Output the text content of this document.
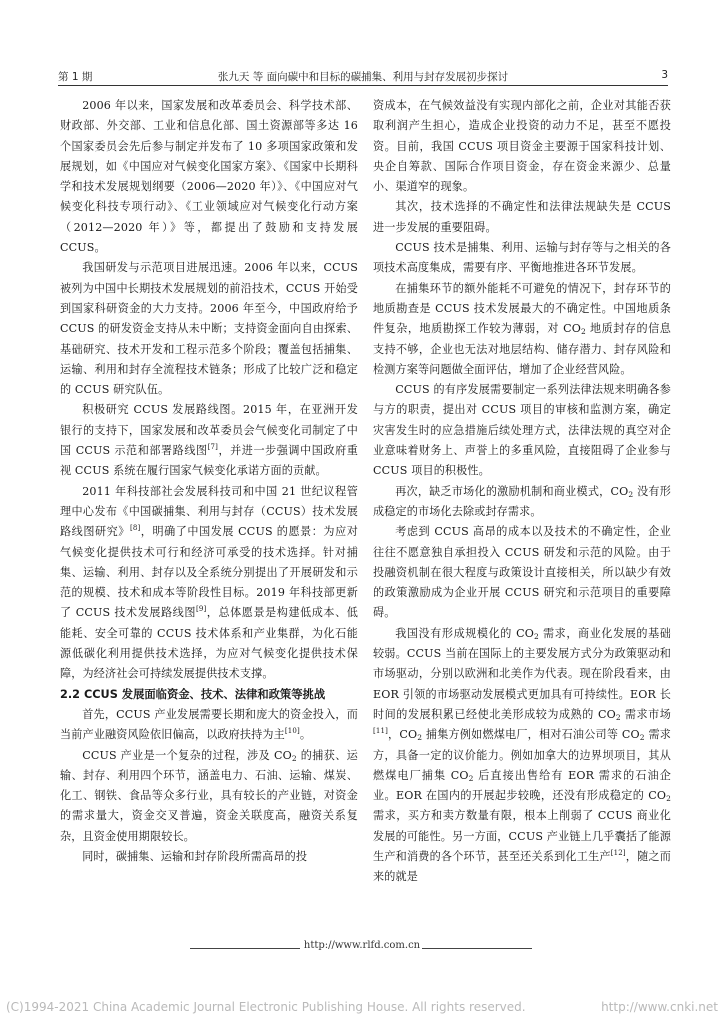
第 1 期	张九天 等 面向碳中和目标的碳捕集、利用与封存发展初步探讨	3

2006 年以来，国家发展和改革委员会、科学技术部、财政部、外交部、工业和信息化部、国土资源部等多达 16 个国家委员会先后参与制定并发布了 10 多项国家政策和发展规划，如《中国应对气候变化国家方案》、《国家中长期科学和技术发展规划纲要（2006—2020 年）》、《中国应对气候变化科技专项行动》、《工业领域应对气候变化行动方案（2012—2020 年）》等，都提出了鼓励和支持发展 CCUS。

我国研发与示范项目进展迅速。2006 年以来，CCUS 被列为中国中长期技术发展规划的前沿技术，CCUS 开始受到国家科研资金的大力支持。2006 年至今，中国政府给予 CCUS 的研发资金支持从未中断；支持资金面向自由探索、基础研究、技术开发和工程示范多个阶段；覆盖包括捕集、运输、利用和封存全流程技术链条；形成了比较广泛和稳定的 CCUS 研究队伍。

积极研究 CCUS 发展路线图。2015 年，在亚洲开发银行的支持下，国家发展和改革委员会气候变化司制定了中国 CCUS 示范和部署路线图[7]，并进一步强调中国政府重视 CCUS 系统在履行国家气候变化承诺方面的贡献。

2011 年科技部社会发展科技司和中国 21 世纪议程管理中心发布《中国碳捕集、利用与封存（CCUS）技术发展路线图研究》[8]，明确了中国发展 CCUS 的愿景：为应对气候变化提供技术可行和经济可承受的技术选择。针对捕集、运输、利用、封存以及全系统分别提出了开展研发和示范的规模、技术和成本等阶段性目标。2019 年科技部更新了 CCUS 技术发展路线图[9]，总体愿景是构建低成本、低能耗、安全可靠的 CCUS 技术体系和产业集群，为化石能源低碳化利用提供技术选择，为应对气候变化提供技术保障，为经济社会可持续发展提供技术支撑。

2.2 CCUS 发展面临资金、技术、法律和政策等挑战

首先，CCUS 产业发展需要长期和庞大的资金投入，而当前产业融资风险依旧偏高，以政府扶持为主[10]。

CCUS 产业是一个复杂的过程，涉及 $CO_2$ 的捕获、运输、封存、利用四个环节，涵盖电力、石油、运输、煤炭、化工、钢铁、食品等众多行业，具有较长的产业链，对资金的需求量大，资金交叉普遍，资金关联度高，融资关系复杂，且资金使用期限较长。

同时，碳捕集、运输和封存阶段所需高昂的投

资成本，在气候效益没有实现内部化之前，企业对其能否获取利润产生担心，造成企业投资的动力不足，甚至不愿投资。目前，我国 CCUS 项目资金主要源于国家科技计划、央企自筹款、国际合作项目资金，存在资金来源少、总量小、渠道窄的现象。

其次，技术选择的不确定性和法律法规缺失是 CCUS 进一步发展的重要阻碍。

CCUS 技术是捕集、利用、运输与封存等与之相关的各项技术高度集成，需要有序、平衡地推进各环节发展。

在捕集环节的额外能耗不可避免的情况下，封存环节的地质勘查是 CCUS 技术发展最大的不确定性。中国地质条件复杂，地质勘探工作较为薄弱，对 $CO_2$ 地质封存的信息支持不够，企业也无法对地层结构、储存潜力、封存风险和检测方案等问题做全面评估，增加了企业经营风险。

CCUS 的有序发展需要制定一系列法律法规来明确各参与方的职责，提出对 CCUS 项目的审核和监测方案，确定灾害发生时的应急措施后续处理方式，法律法规的真空对企业意味着财务上、声誉上的多重风险，直接阻碍了企业参与 CCUS 项目的积极性。

再次，缺乏市场化的激励机制和商业模式，$CO_2$ 没有形成稳定的市场化去除或封存需求。

考虑到 CCUS 高昂的成本以及技术的不确定性，企业往往不愿意独自承担投入 CCUS 研发和示范的风险。由于投融资机制在很大程度与政策设计直接相关，所以缺少有效的政策激励成为企业开展 CCUS 研究和示范项目的重要障碍。

我国没有形成规模化的 $CO_2$ 需求，商业化发展的基础较弱。CCUS 当前在国际上的主要发展方式分为政策驱动和市场驱动，分别以欧洲和北美作为代表。现在阶段看来，由 EOR 引领的市场驱动发展模式更加具有可持续性。EOR 长时间的发展积累已经使北美形成较为成熟的 $CO_2$ 需求市场[11]，$CO_2$ 捕集方例如燃煤电厂，相对石油公司等 $CO_2$ 需求方，具备一定的议价能力。例如加拿大的边界坝项目，其从燃煤电厂捕集 $CO_2$ 后直接出售给有 EOR 需求的石油企业。EOR 在国内的开展起步较晚，还没有形成稳定的 $CO_2$ 需求，买方和卖方数量有限，根本上削弱了 CCUS 商业化发展的可能性。另一方面，CCUS 产业链上几乎囊括了能源生产和消费的各个环节，甚至还关系到化工生产[12]，随之而来的就是

http://www.rlfd.com.cn
(C)1994-2021 China Academic Journal Electronic Publishing House. All rights reserved.	http://www.cnki.net
